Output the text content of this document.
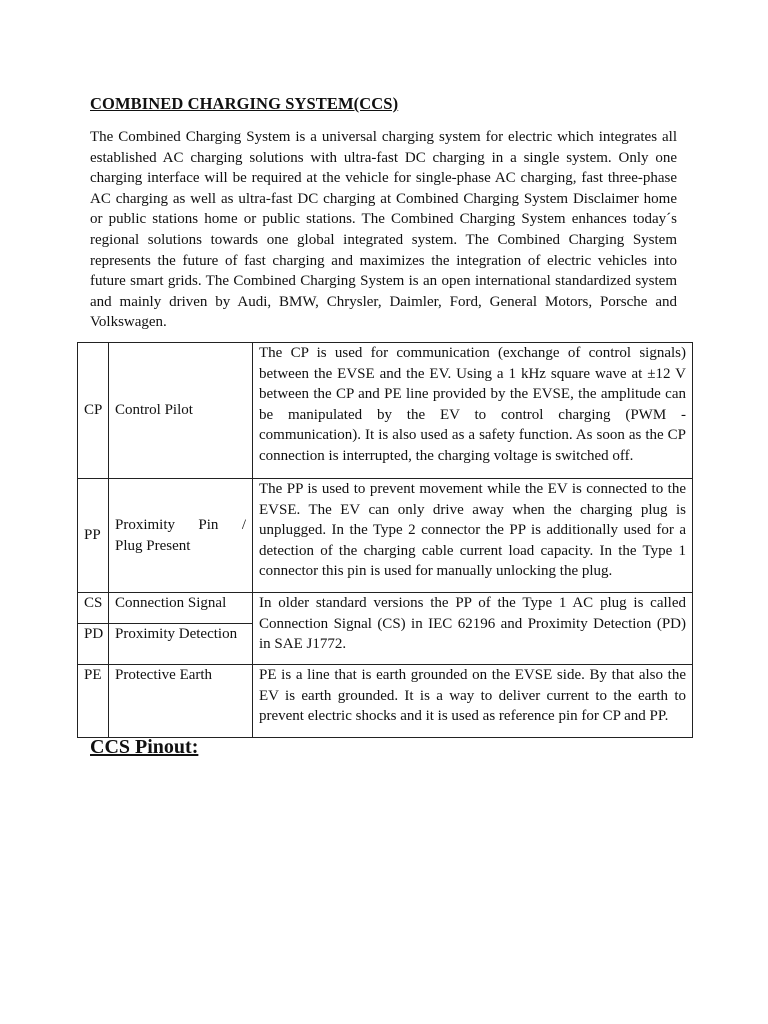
COMBINED CHARGING SYSTEM(CCS)

The Combined Charging System is a universal charging system for electric which integrates all established AC charging solutions with ultra-fast DC charging in a single system. Only one charging interface will be required at the vehicle for single-phase AC charging, fast three-phase AC charging as well as ultra-fast DC charging at Combined Charging System Disclaimer home or public stations home or public stations. The Combined Charging System enhances today´s regional solutions towards one global integrated system. The Combined Charging System represents the future of fast charging and maximizes the integration of electric vehicles into future smart grids. The Combined Charging System is an open international standardized system and mainly driven by Audi, BMW, Chrysler, Daimler, Ford, General Motors, Porsche and Volkswagen.

CP	Control Pilot	The CP is used for communication (exchange of control signals) between the EVSE and the EV. Using a 1 kHz square wave at ±12 V between the CP and PE line provided by the EVSE, the amplitude can be manipulated by the EV to control charging (PWM - communication). It is also used as a safety function. As soon as the CP connection is interrupted, the charging voltage is switched off.
PP	Proximity Pin /
Plug Present	The PP is used to prevent movement while the EV is connected to the EVSE. The EV can only drive away when the charging plug is unplugged. In the Type 2 connector the PP is additionally used for a detection of the charging cable current load capacity. In the Type 1 connector this pin is used for manually unlocking the plug.
CS	Connection Signal	In older standard versions the PP of the Type 1 AC plug is called Connection Signal (CS) in IEC 62196 and Proximity Detection (PD) in SAE J1772.
PD	Proximity Detection	
PE	Protective Earth	PE is a line that is earth grounded on the EVSE side. By that also the EV is earth grounded. It is a way to deliver current to the earth to prevent electric shocks and it is used as reference pin for CP and PP.
CCS Pinout:
